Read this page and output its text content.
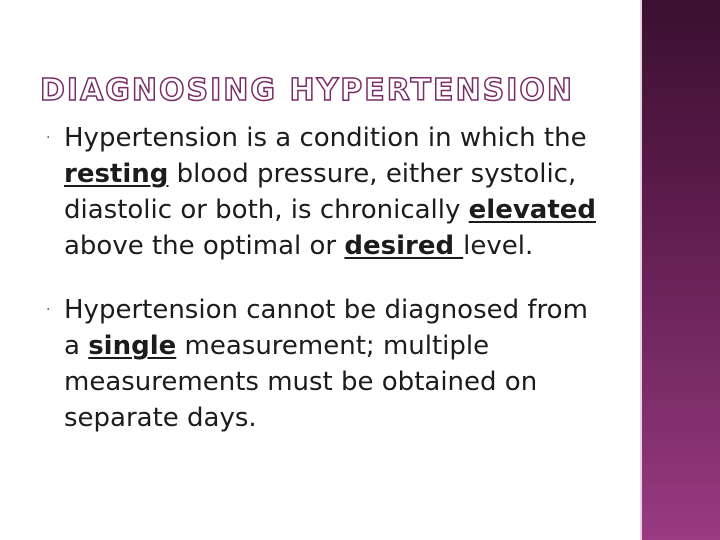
DIAGNOSING HYPERTENSION
· Hypertension is a condition in which the resting blood pressure, either systolic, diastolic or both, is chronically elevated above the optimal or desired level.
· Hypertension cannot be diagnosed from a single measurement; multiple measurements must be obtained on separate days.
